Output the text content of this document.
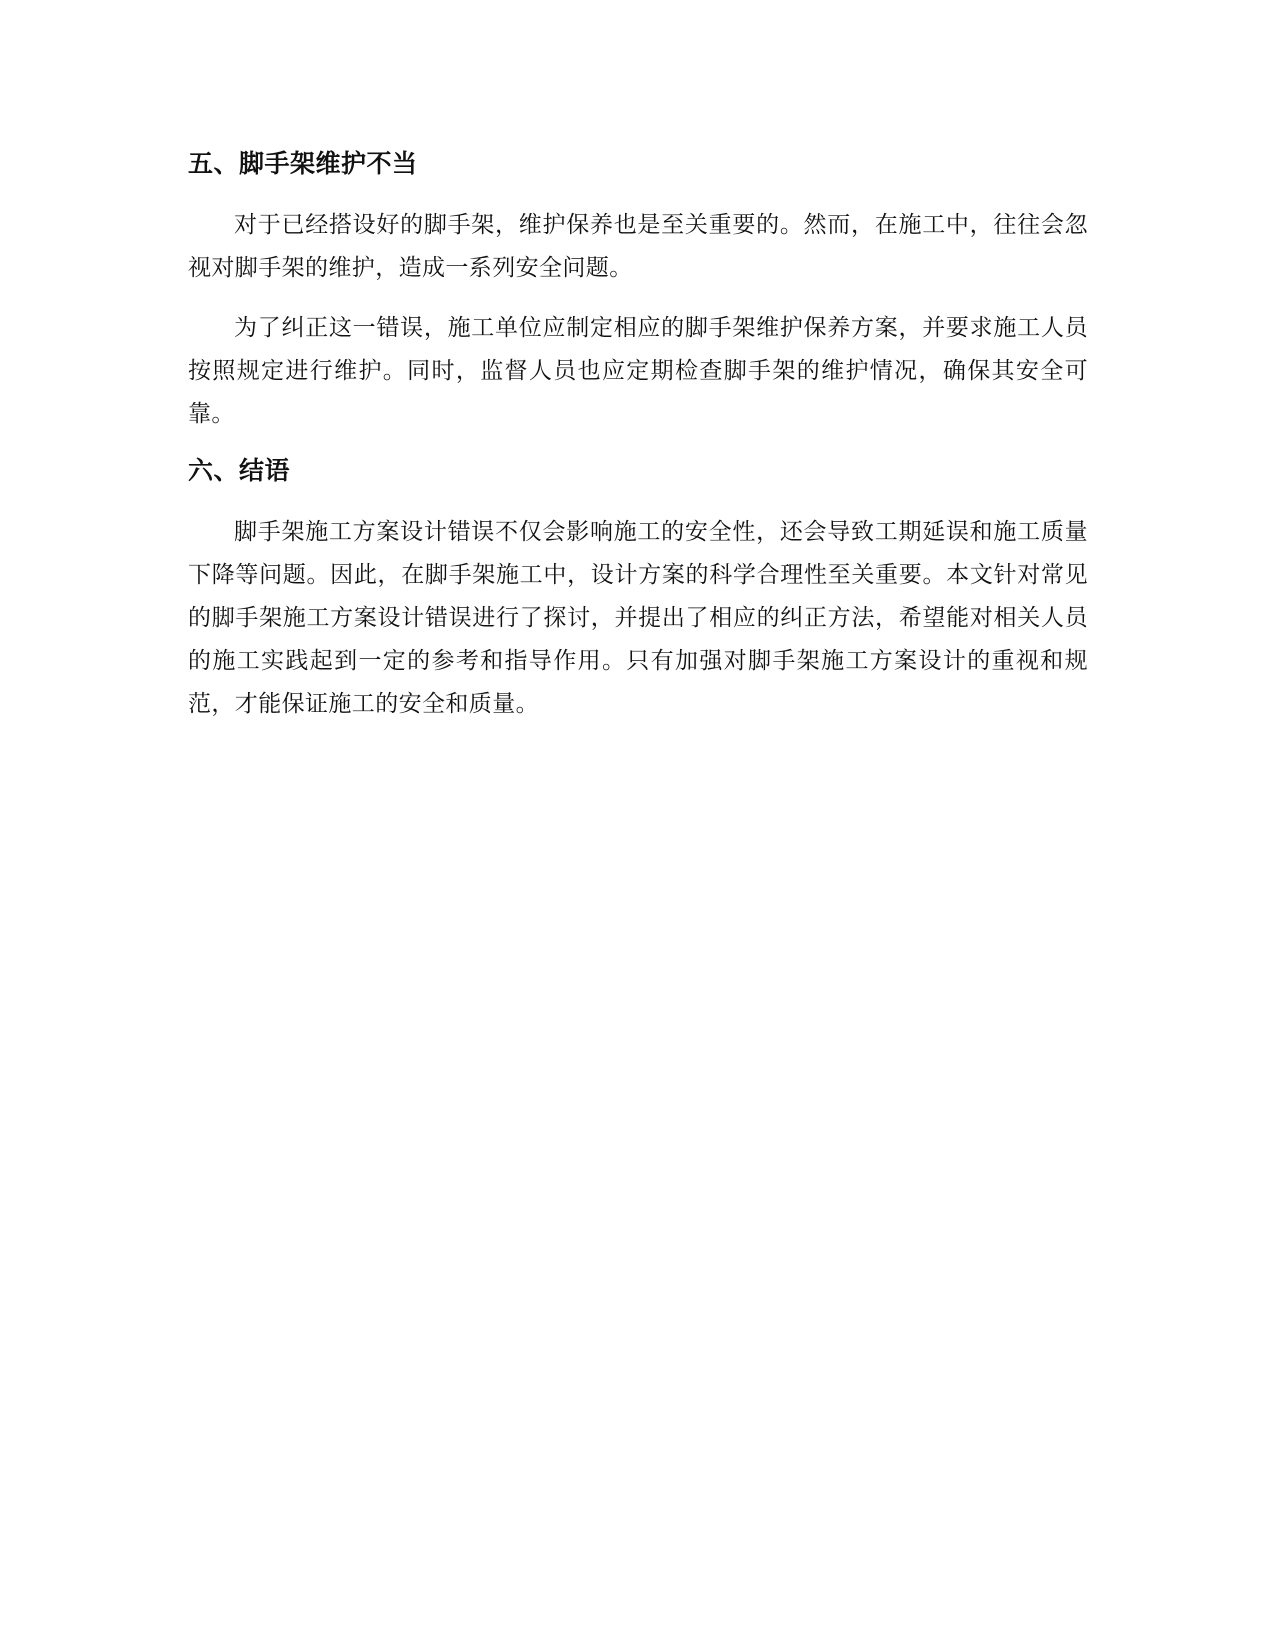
五、脚手架维护不当

对于已经搭设好的脚手架，维护保养也是至关重要的。然而，在施工中，往往会忽视对脚手架的维护，造成一系列安全问题。

为了纠正这一错误，施工单位应制定相应的脚手架维护保养方案，并要求施工人员按照规定进行维护。同时，监督人员也应定期检查脚手架的维护情况，确保其安全可靠。

六、结语

脚手架施工方案设计错误不仅会影响施工的安全性，还会导致工期延误和施工质量下降等问题。因此，在脚手架施工中，设计方案的科学合理性至关重要。本文针对常见的脚手架施工方案设计错误进行了探讨，并提出了相应的纠正方法，希望能对相关人员的施工实践起到一定的参考和指导作用。只有加强对脚手架施工方案设计的重视和规范，才能保证施工的安全和质量。
